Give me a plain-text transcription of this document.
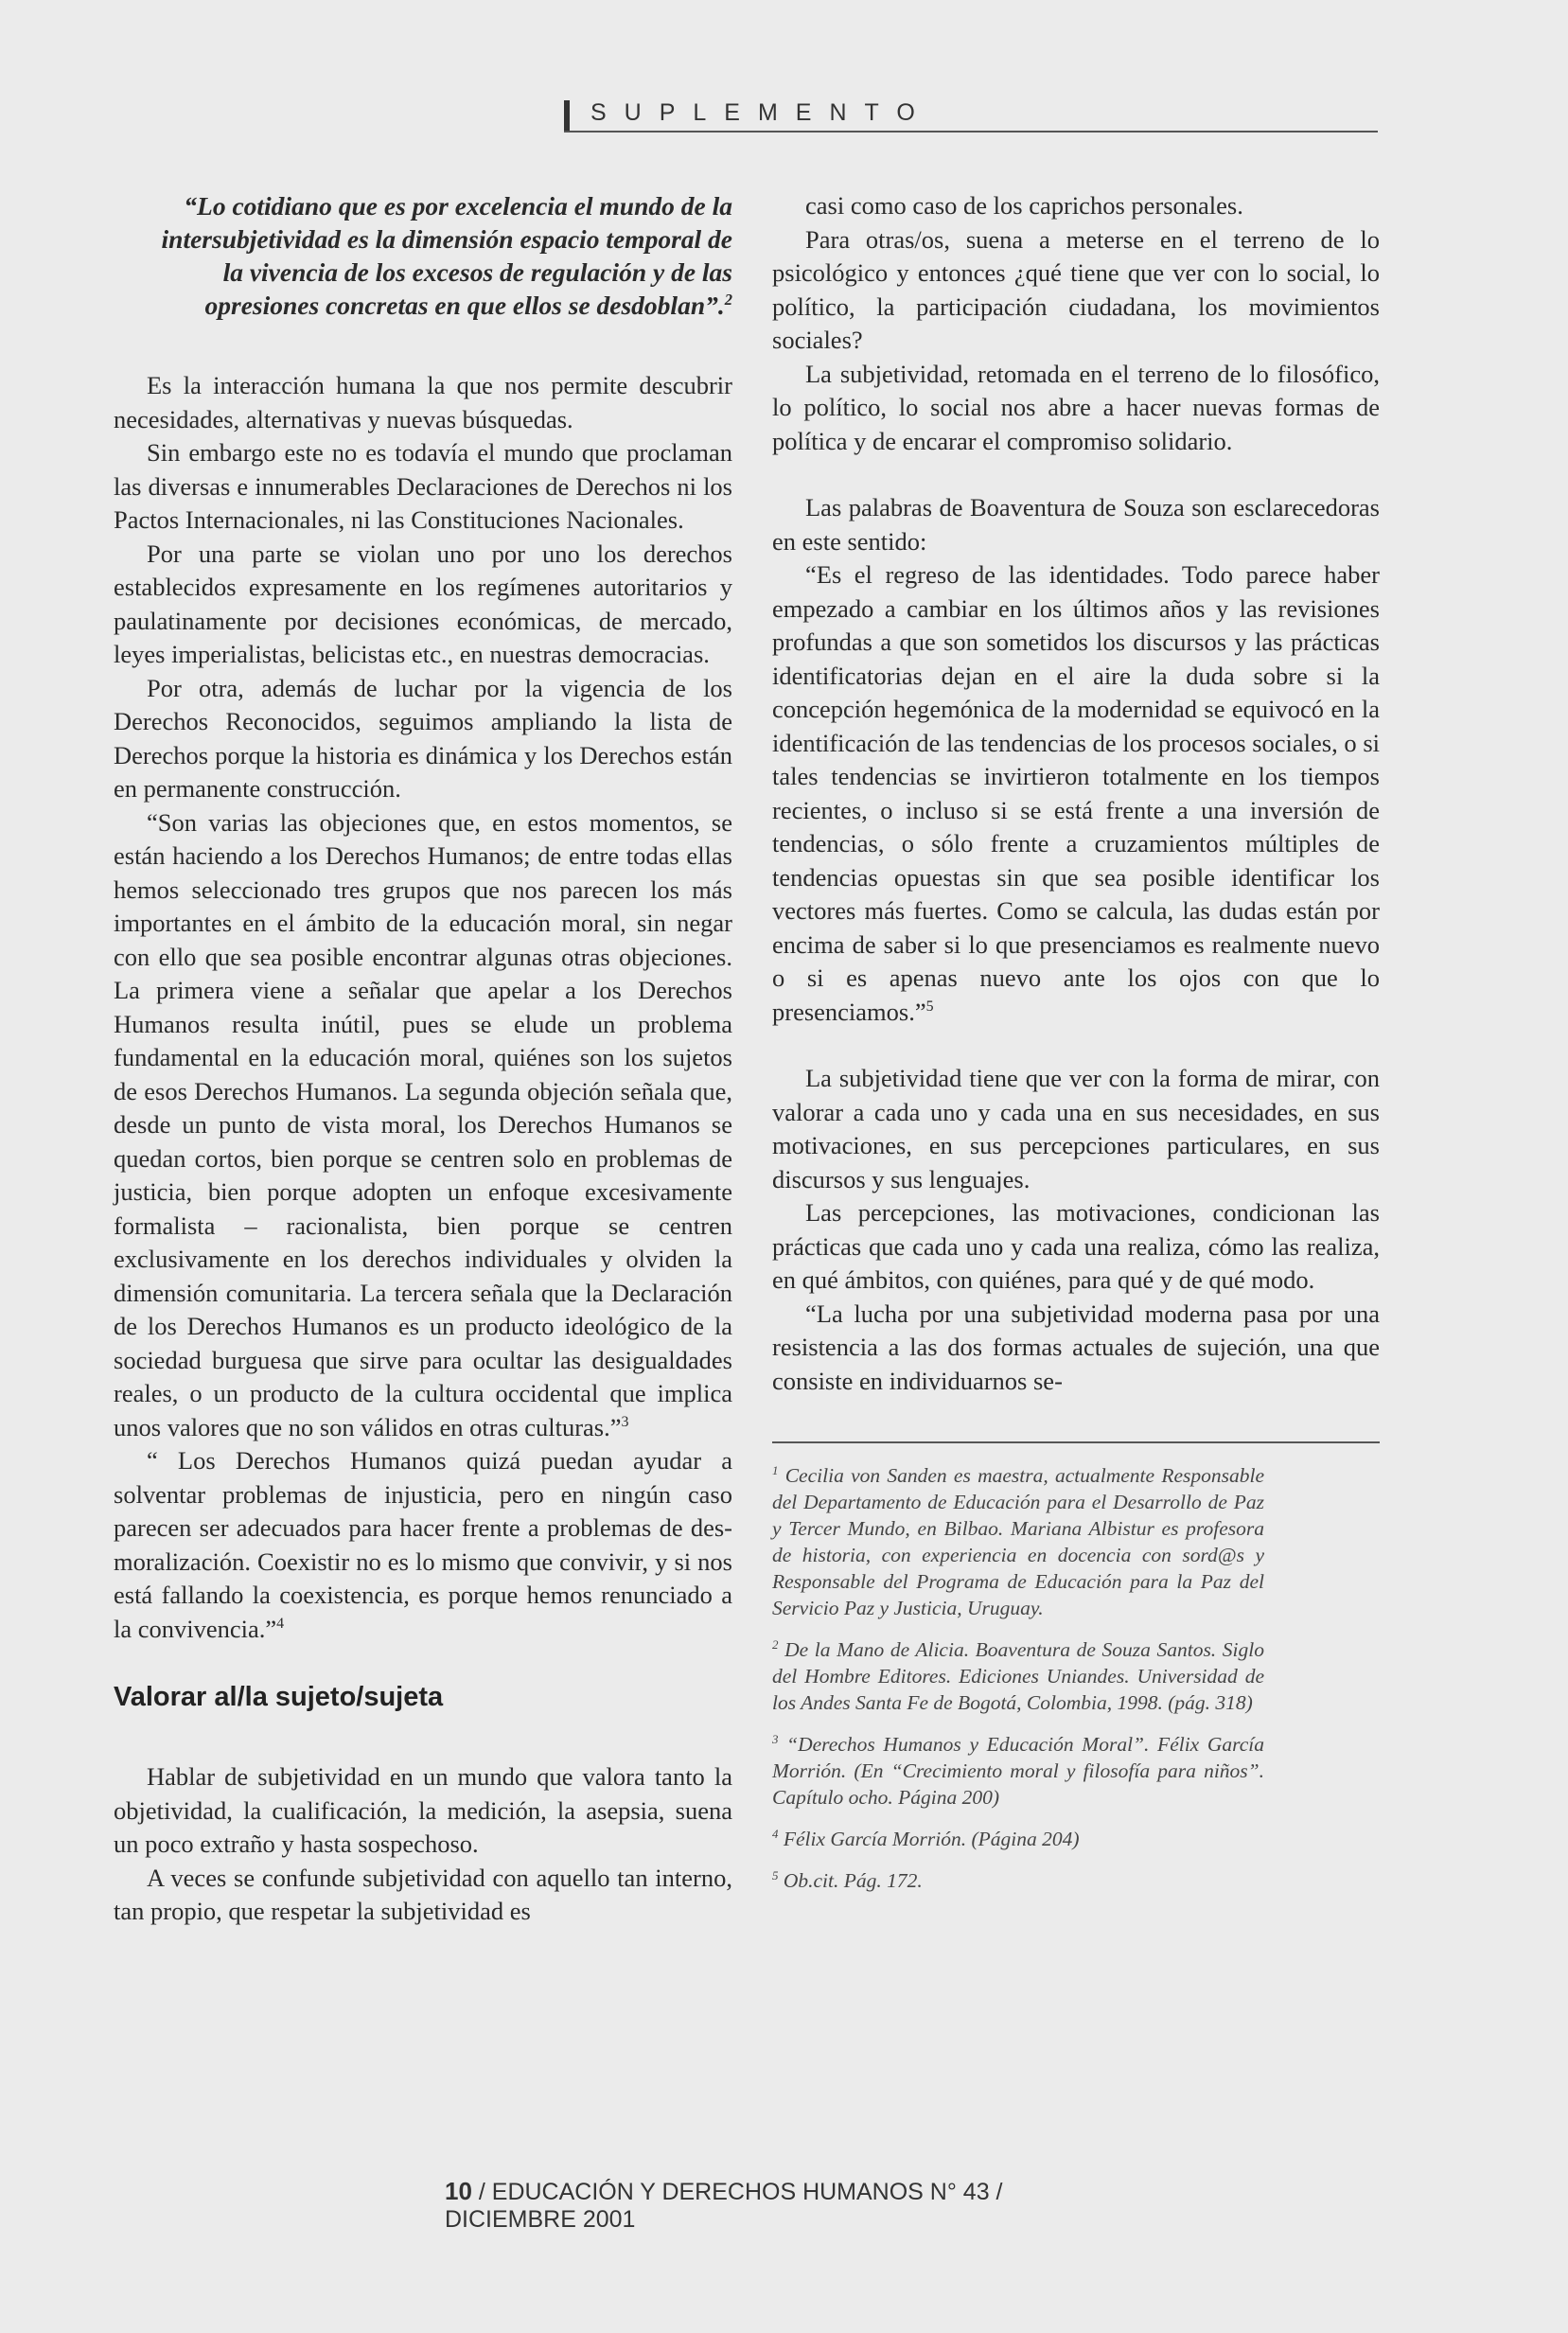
SUPLEMENTO
“Lo cotidiano que es por excelencia el mundo de la intersubjetividad es la dimensión espacio temporal de la vivencia de los excesos de regulación y de las opresiones concretas en que ellos se desdoblan”.$^2$

Es la interacción humana la que nos permite descubrir necesidades, alternativas y nuevas búsquedas.

Sin embargo este no es todavía el mundo que proclaman las diversas e innumerables Declaraciones de Derechos ni los Pactos Internacionales, ni las Constituciones Nacionales.

Por una parte se violan uno por uno los derechos establecidos expresamente en los regímenes autoritarios y paulatinamente por decisiones económicas, de mercado, leyes imperialistas, belicistas etc., en nuestras democracias.

Por otra, además de luchar por la vigencia de los Derechos Reconocidos, seguimos ampliando la lista de Derechos porque la historia es dinámica y los Derechos están en permanente construcción.

“Son varias las objeciones que, en estos momentos, se están haciendo a los Derechos Humanos; de entre todas ellas hemos seleccionado tres grupos que nos parecen los más importantes en el ámbito de la educación moral, sin negar con ello que sea posible encontrar algunas otras objeciones. La primera viene a señalar que apelar a los Derechos Humanos resulta inútil, pues se elude un problema fundamental en la educación moral, quiénes son los sujetos de esos Derechos Humanos. La segunda objeción señala que, desde un punto de vista moral, los Derechos Humanos se quedan cortos, bien porque se centren solo en problemas de justicia, bien porque adopten un enfoque excesivamente formalista – racionalista, bien porque se centren exclusivamente en los derechos individuales y olviden la dimensión comunitaria. La tercera señala que la Declaración de los Derechos Humanos es un producto ideológico de la sociedad burguesa que sirve para ocultar las desigualdades reales, o un producto de la cultura occidental que implica unos valores que no son válidos en otras culturas.”$^3$

“ Los Derechos Humanos quizá puedan ayudar a solventar problemas de injusticia, pero en ningún caso parecen ser adecuados para hacer frente a problemas de des-moralización. Coexistir no es lo mismo que convivir, y si nos está fallando la coexistencia, es porque hemos renunciado a la convivencia.”$^4$

Valorar al/la sujeto/sujeta

Hablar de subjetividad en un mundo que valora tanto la objetividad, la cualificación, la medición, la asepsia, suena un poco extraño y hasta sospechoso.

A veces se confunde subjetividad con aquello tan interno, tan propio, que respetar la subjetividad es

casi como caso de los caprichos personales.

Para otras/os, suena a meterse en el terreno de lo psicológico y entonces ¿qué tiene que ver con lo social, lo político, la participación ciudadana, los movimientos sociales?

La subjetividad, retomada en el terreno de lo filosófico, lo político, lo social nos abre a hacer nuevas formas de política y de encarar el compromiso solidario.

Las palabras de Boaventura de Souza son esclarecedoras en este sentido:

“Es el regreso de las identidades. Todo parece haber empezado a cambiar en los últimos años y las revisiones profundas a que son sometidos los discursos y las prácticas identificatorias dejan en el aire la duda sobre si la concepción hegemónica de la modernidad se equivocó en la identificación de las tendencias de los procesos sociales, o si tales tendencias se invirtieron totalmente en los tiempos recientes, o incluso si se está frente a una inversión de tendencias, o sólo frente a cruzamientos múltiples de tendencias opuestas sin que sea posible identificar los vectores más fuertes. Como se calcula, las dudas están por encima de saber si lo que presenciamos es realmente nuevo o si es apenas nuevo ante los ojos con que lo presenciamos.”$^5$

La subjetividad tiene que ver con la forma de mirar, con valorar a cada uno y cada una en sus necesidades, en sus motivaciones, en sus percepciones particulares, en sus discursos y sus lenguajes.

Las percepciones, las motivaciones, condicionan las prácticas que cada uno y cada una realiza, cómo las realiza, en qué ámbitos, con quiénes, para qué y de qué modo.

“La lucha por una subjetividad moderna pasa por una resistencia a las dos formas actuales de sujeción, una que consiste en individuarnos se-

$^1$ Cecilia von Sanden es maestra, actualmente Responsable del Departamento de Educación para el Desarrollo de Paz y Tercer Mundo, en Bilbao. Mariana Albistur es profesora de historia, con experiencia en docencia con sord@s y Responsable del Programa de Educación para la Paz del Servicio Paz y Justicia, Uruguay.

$^2$ De la Mano de Alicia. Boaventura de Souza Santos. Siglo del Hombre Editores. Ediciones Uniandes. Universidad de los Andes Santa Fe de Bogotá, Colombia, 1998. (pág. 318)

$^3$ “Derechos Humanos y Educación Moral”. Félix García Morrión. (En “Crecimiento moral y filosofía para niños”. Capítulo ocho. Página 200)

$^4$ Félix García Morrión. (Página 204)

$^5$ Ob.cit. Pág. 172.

10 / EDUCACIÓN Y DERECHOS HUMANOS N° 43 / DICIEMBRE 2001
